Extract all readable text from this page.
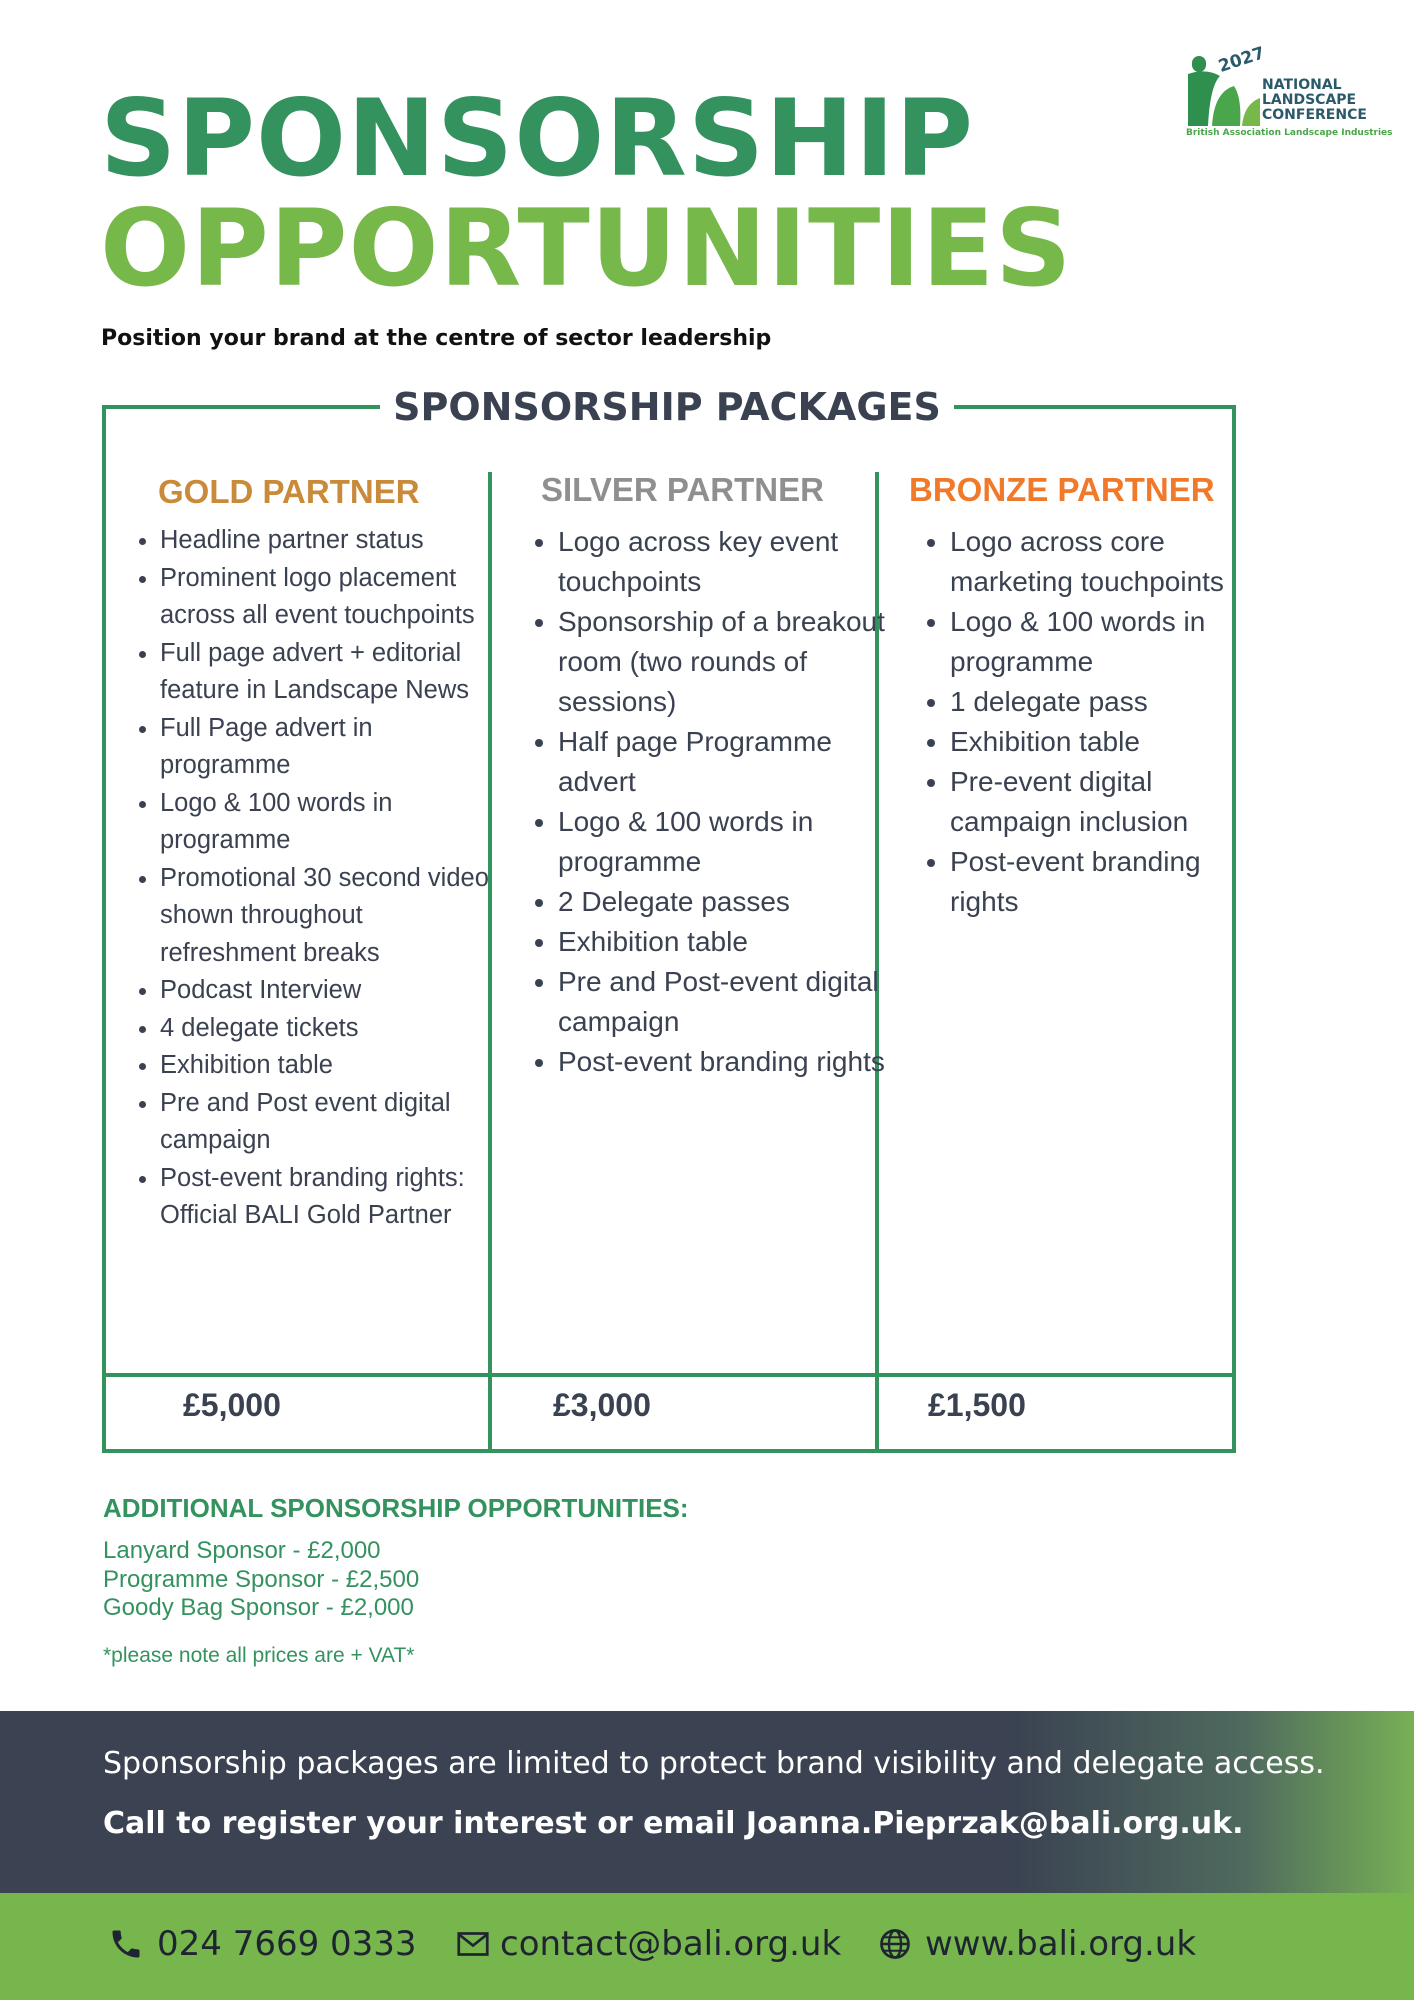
2027
NATIONAL
LANDSCAPE
CONFERENCE
British Association Landscape Industries
SPONSORSHIP
OPPORTUNITIES
Position your brand at the centre of sector leadership
SPONSORSHIP PACKAGES
GOLD PARTNER
• Headline partner status
• Prominent logo placement across all event touchpoints
• Full page advert + editorial feature in Landscape News
• Full Page advert in programme
• Logo & 100 words in programme
• Promotional 30 second video shown throughout refreshment breaks
• Podcast Interview
• 4 delegate tickets
• Exhibition table
• Pre and Post event digital campaign
• Post-event branding rights: Official BALI Gold Partner
£5,000
SILVER PARTNER
• Logo across key event touchpoints
• Sponsorship of a breakout room (two rounds of sessions)
• Half page Programme advert
• Logo & 100 words in programme
• 2 Delegate passes
• Exhibition table
• Pre and Post-event digital campaign
• Post-event branding rights
£3,000
BRONZE PARTNER
• Logo across core marketing touchpoints
• Logo & 100 words in programme
• 1 delegate pass
• Exhibition table
• Pre-event digital campaign inclusion
• Post-event branding rights
£1,500
ADDITIONAL SPONSORSHIP OPPORTUNITIES:
Lanyard Sponsor - £2,000
Programme Sponsor - £2,500
Goody Bag Sponsor - £2,000
*please note all prices are + VAT*
Sponsorship packages are limited to protect brand visibility and delegate access.
Call to register your interest or email Joanna.Pieprzak@bali.org.uk.
024 7669 0333 contact@bali.org.uk www.bali.org.uk
